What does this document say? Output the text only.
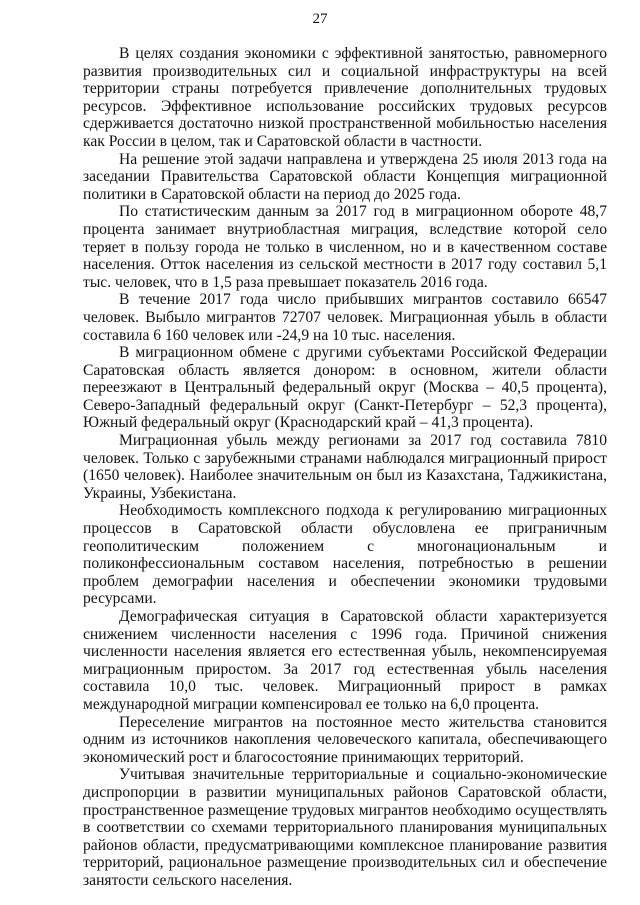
27

В целях создания экономики с эффективной занятостью, равномерного развития производительных сил и социальной инфраструктуры на всей территории страны потребуется привлечение дополнительных трудовых ресурсов. Эффективное использование российских трудовых ресурсов сдерживается достаточно низкой пространственной мобильностью населения как России в целом, так и Саратовской области в частности.

На решение этой задачи направлена и утверждена 25 июля 2013 года на заседании Правительства Саратовской области Концепция миграционной политики в Саратовской области на период до 2025 года.

По статистическим данным за 2017 год в миграционном обороте 48,7 процента занимает внутриобластная миграция, вследствие которой село теряет в пользу города не только в численном, но и в качественном составе населения. Отток населения из сельской местности в 2017 году составил 5,1 тыс. человек, что в 1,5 раза превышает показатель 2016 года.

В течение 2017 года число прибывших мигрантов составило 66547 человек. Выбыло мигрантов 72707 человек. Миграционная убыль в области составила 6 160 человек или -24,9 на 10 тыс. населения.

В миграционном обмене с другими субъектами Российской Федерации Саратовская область является донором: в основном, жители области переезжают в Центральный федеральный округ (Москва – 40,5 процента), Северо-Западный федеральный округ (Санкт-Петербург – 52,3 процента), Южный федеральный округ (Краснодарский край – 41,3 процента).

Миграционная убыль между регионами за 2017 год составила 7810 человек. Только с зарубежными странами наблюдался миграционный прирост (1650 человек). Наиболее значительным он был из Казахстана, Таджикистана, Украины, Узбекистана.

Необходимость комплексного подхода к регулированию миграционных процессов в Саратовской области обусловлена ее приграничным геополитическим положением с многонациональным и поликонфессиональным составом населения, потребностью в решении проблем демографии населения и обеспечении экономики трудовыми ресурсами.

Демографическая ситуация в Саратовской области характеризуется снижением численности населения с 1996 года. Причиной снижения численности населения является его естественная убыль, некомпенсируемая миграционным приростом. За 2017 год естественная убыль населения составила 10,0 тыс. человек. Миграционный прирост в рамках международной миграции компенсировал ее только на 6,0 процента.

Переселение мигрантов на постоянное место жительства становится одним из источников накопления человеческого капитала, обеспечивающего экономический рост и благосостояние принимающих территорий.

Учитывая значительные территориальные и социально-экономические диспропорции в развитии муниципальных районов Саратовской области, пространственное размещение трудовых мигрантов необходимо осуществлять в соответствии со схемами территориального планирования муниципальных районов области, предусматривающими комплексное планирование развития территорий, рациональное размещение производительных сил и обеспечение занятости сельского населения.
